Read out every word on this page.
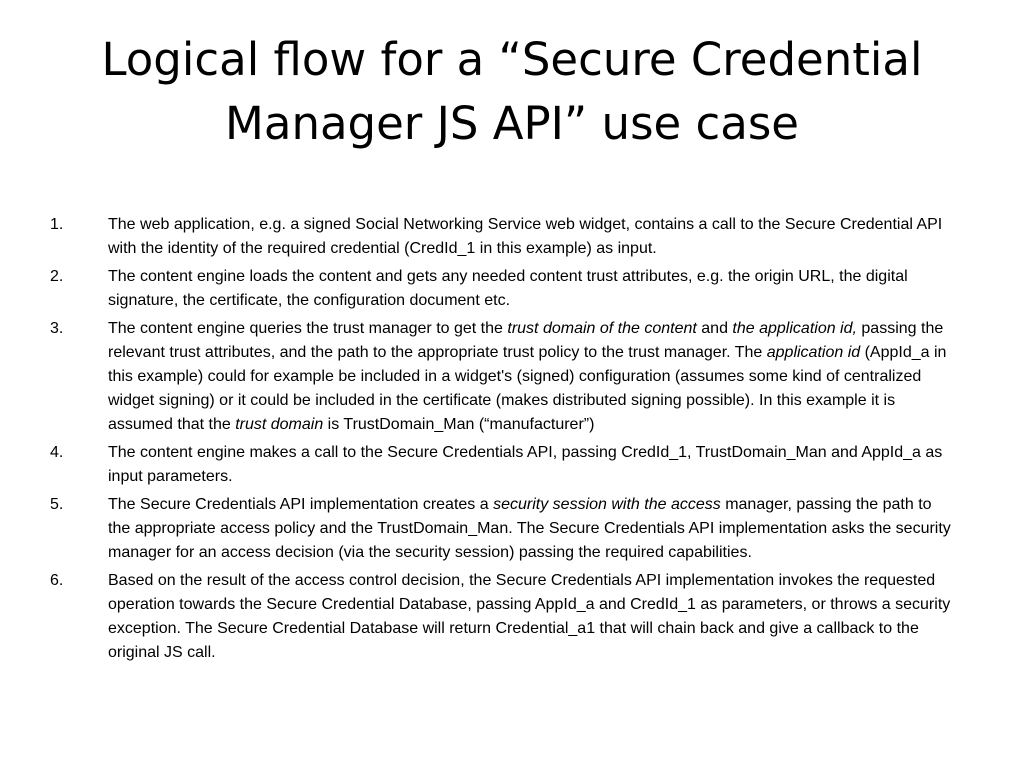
Logical flow for a “Secure Credential
Manager JS API” use case
1.	The web application, e.g. a signed Social Networking Service web widget, contains a call to the Secure Credential API with the identity of the required credential (CredId_1 in this example) as input.
2.	The content engine loads the content and gets any needed content trust attributes, e.g. the origin URL, the digital signature, the certificate, the configuration document etc.
3.	The content engine queries the trust manager to get the trust domain of the content and the application id, passing the relevant trust attributes, and the path to the appropriate trust policy to the trust manager. The application id (AppId_a in this example) could for example be included in a widget's (signed) configuration (assumes some kind of centralized widget signing) or it could be included in the certificate (makes distributed signing possible). In this example it is assumed that the trust domain is TrustDomain_Man (“manufacturer”)
4.	The content engine makes a call to the Secure Credentials API, passing CredId_1, TrustDomain_Man and AppId_a as input parameters.
5.	The Secure Credentials API implementation creates a security session with the access manager, passing the path to the appropriate access policy and the TrustDomain_Man. The Secure Credentials API implementation asks the security manager for an access decision (via the security session) passing the required capabilities.
6.	Based on the result of the access control decision, the Secure Credentials API implementation invokes the requested operation towards the Secure Credential Database, passing AppId_a and CredId_1 as parameters, or throws a security exception. The Secure Credential Database will return Credential_a1 that will chain back and give a callback to the original JS call.
